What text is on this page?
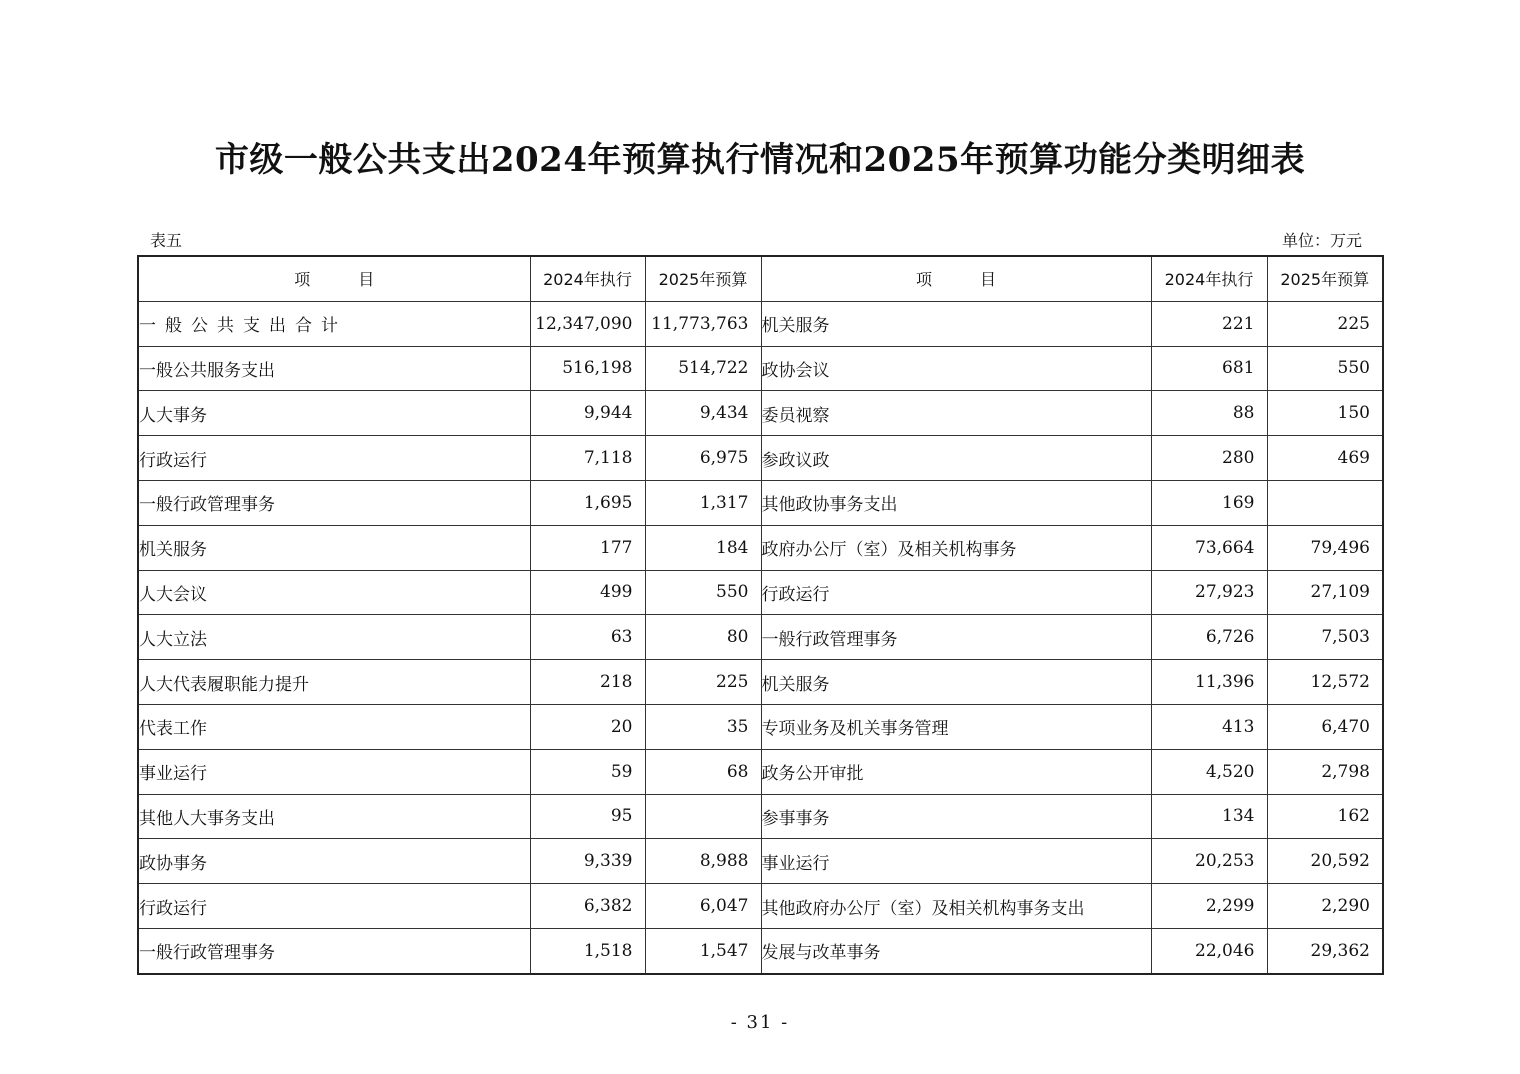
市级一般公共支出2024年预算执行情况和2025年预算功能分类明细表
表五	单位：万元
项　　　目	2024年执行	2025年预算	项　　　目	2024年执行	2025年预算
一般公共支出合计	12,347,090	11,773,763	机关服务	221	225
一般公共服务支出	516,198	514,722	政协会议	681	550
人大事务	9,944	9,434	委员视察	88	150
行政运行	7,118	6,975	参政议政	280	469
一般行政管理事务	1,695	1,317	其他政协事务支出	169	
机关服务	177	184	政府办公厅（室）及相关机构事务	73,664	79,496
人大会议	499	550	行政运行	27,923	27,109
人大立法	63	80	一般行政管理事务	6,726	7,503
人大代表履职能力提升	218	225	机关服务	11,396	12,572
代表工作	20	35	专项业务及机关事务管理	413	6,470
事业运行	59	68	政务公开审批	4,520	2,798
其他人大事务支出	95		参事事务	134	162
政协事务	9,339	8,988	事业运行	20,253	20,592
行政运行	6,382	6,047	其他政府办公厅（室）及相关机构事务支出	2,299	2,290
一般行政管理事务	1,518	1,547	发展与改革事务	22,046	29,362
- 31 -
